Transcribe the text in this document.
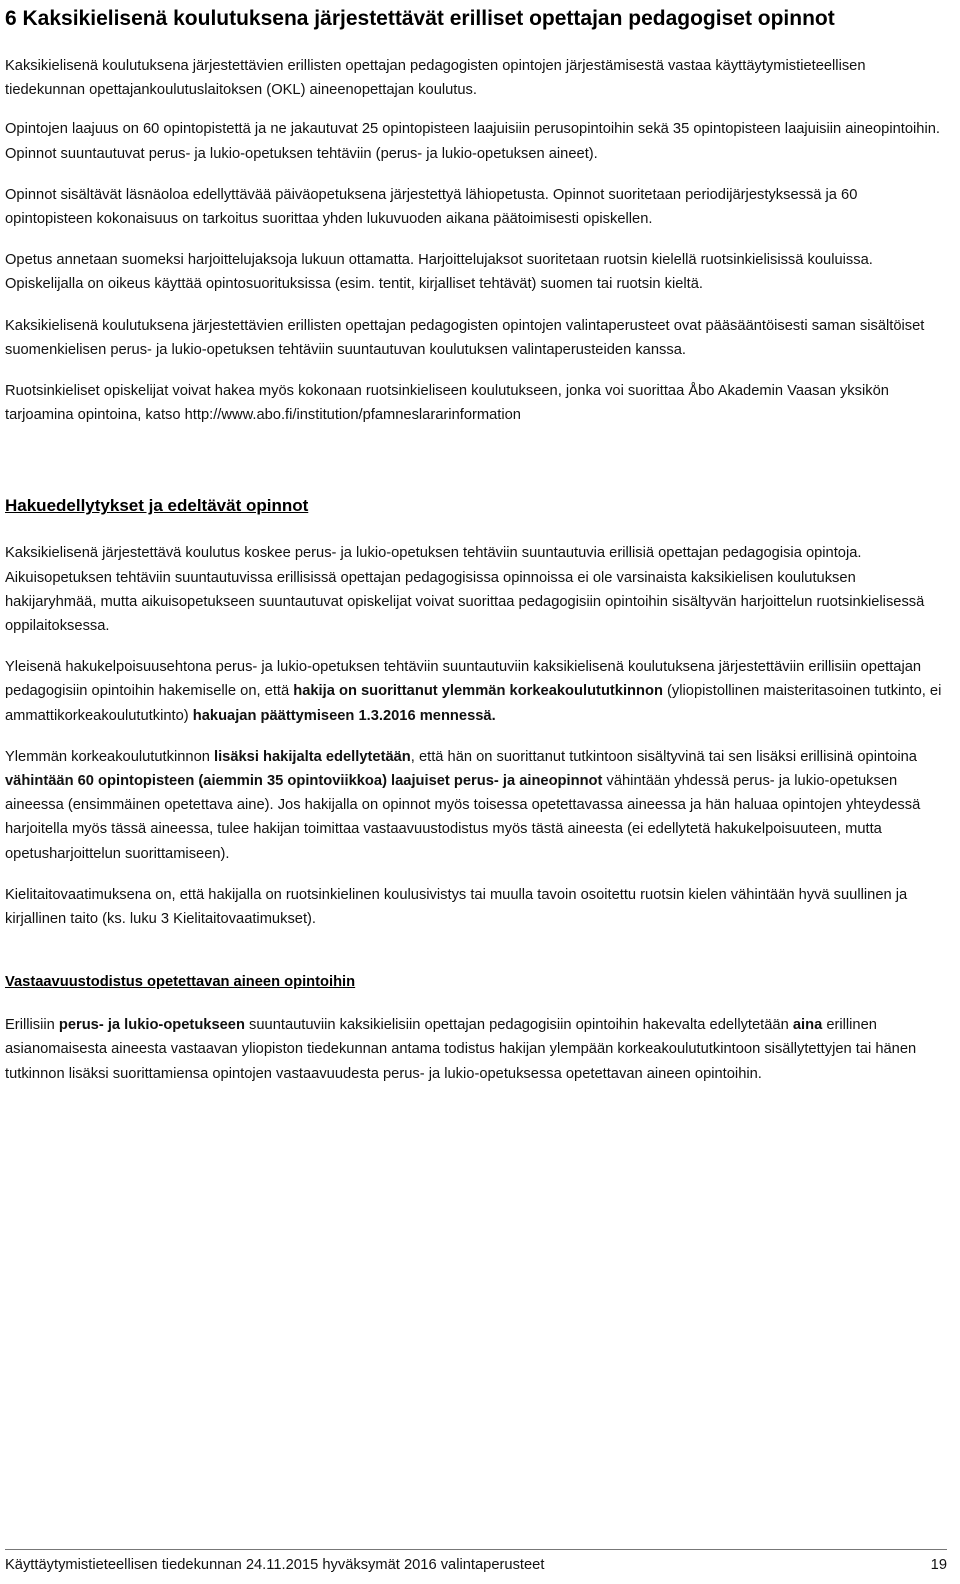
6 Kaksikielisenä koulutuksena järjestettävät erilliset opettajan pedagogiset opinnot

Kaksikielisenä koulutuksena järjestettävien erillisten opettajan pedagogisten opintojen järjestämisestä vastaa käyttäytymistieteellisen tiedekunnan opettajankoulutuslaitoksen (OKL) aineenopettajan koulutus.

Opintojen laajuus on 60 opintopistettä ja ne jakautuvat 25 opintopisteen laajuisiin perusopintoihin sekä 35 opintopisteen laajuisiin aineopintoihin. Opinnot suuntautuvat perus- ja lukio-opetuksen tehtäviin (perus- ja lukio-opetuksen aineet).

Opinnot sisältävät läsnäoloa edellyttävää päiväopetuksena järjestettyä lähiopetusta. Opinnot suoritetaan periodijärjestyksessä ja 60 opintopisteen kokonaisuus on tarkoitus suorittaa yhden lukuvuoden aikana päätoimisesti opiskellen.

Opetus annetaan suomeksi harjoittelujaksoja lukuun ottamatta. Harjoittelujaksot suoritetaan ruotsin kielellä ruotsinkielisissä kouluissa. Opiskelijalla on oikeus käyttää opintosuorituksissa (esim. tentit, kirjalliset tehtävät) suomen tai ruotsin kieltä.

Kaksikielisenä koulutuksena järjestettävien erillisten opettajan pedagogisten opintojen valintaperusteet ovat pääsääntöisesti saman sisältöiset suomenkielisen perus- ja lukio-opetuksen tehtäviin suuntautuvan koulutuksen valintaperusteiden kanssa.

Ruotsinkieliset opiskelijat voivat hakea myös kokonaan ruotsinkieliseen koulutukseen, jonka voi suorittaa Åbo Akademin Vaasan yksikön tarjoamina opintoina, katso http://www.abo.fi/institution/pfamneslararinformation

Hakuedellytykset ja edeltävät opinnot

Kaksikielisenä järjestettävä koulutus koskee perus- ja lukio-opetuksen tehtäviin suuntautuvia erillisiä opettajan pedagogisia opintoja. Aikuisopetuksen tehtäviin suuntautuvissa erillisissä opettajan pedagogisissa opinnoissa ei ole varsinaista kaksikielisen koulutuksen hakijaryhmää, mutta aikuisopetukseen suuntautuvat opiskelijat voivat suorittaa pedagogisiin opintoihin sisältyvän harjoittelun ruotsinkielisessä oppilaitoksessa.

Yleisenä hakukelpoisuusehtona perus- ja lukio-opetuksen tehtäviin suuntautuviin kaksikielisenä koulutuksena järjestettäviin erillisiin opettajan pedagogisiin opintoihin hakemiselle on, että hakija on suorittanut ylemmän korkeakoulututkinnon (yliopistollinen maisteritasoinen tutkinto, ei ammattikorkeakoulututkinto) hakuajan päättymiseen 1.3.2016 mennessä.

Ylemmän korkeakoulututkinnon lisäksi hakijalta edellytetään, että hän on suorittanut tutkintoon sisältyvinä tai sen lisäksi erillisinä opintoina vähintään 60 opintopisteen (aiemmin 35 opintoviikkoa) laajuiset perus- ja aineopinnot vähintään yhdessä perus- ja lukio-opetuksen aineessa (ensimmäinen opetettava aine). Jos hakijalla on opinnot myös toisessa opetettavassa aineessa ja hän haluaa opintojen yhteydessä harjoitella myös tässä aineessa, tulee hakijan toimittaa vastaavuustodistus myös tästä aineesta (ei edellytetä hakukelpoisuuteen, mutta opetusharjoittelun suorittamiseen).

Kielitaitovaatimuksena on, että hakijalla on ruotsinkielinen koulusivistys tai muulla tavoin osoitettu ruotsin kielen vähintään hyvä suullinen ja kirjallinen taito (ks. luku 3 Kielitaitovaatimukset).

Vastaavuustodistus opetettavan aineen opintoihin

Erillisiin perus- ja lukio-opetukseen suuntautuviin kaksikielisiin opettajan pedagogisiin opintoihin hakevalta edellytetään aina erillinen asianomaisesta aineesta vastaavan yliopiston tiedekunnan antama todistus hakijan ylempään korkeakoulututkintoon sisällytettyjen tai hänen tutkinnon lisäksi suorittamiensa opintojen vastaavuudesta perus- ja lukio-opetuksessa opetettavan aineen opintoihin.

Käyttäytymistieteellisen tiedekunnan 24.11.2015 hyväksymät 2016 valintaperusteet	19
